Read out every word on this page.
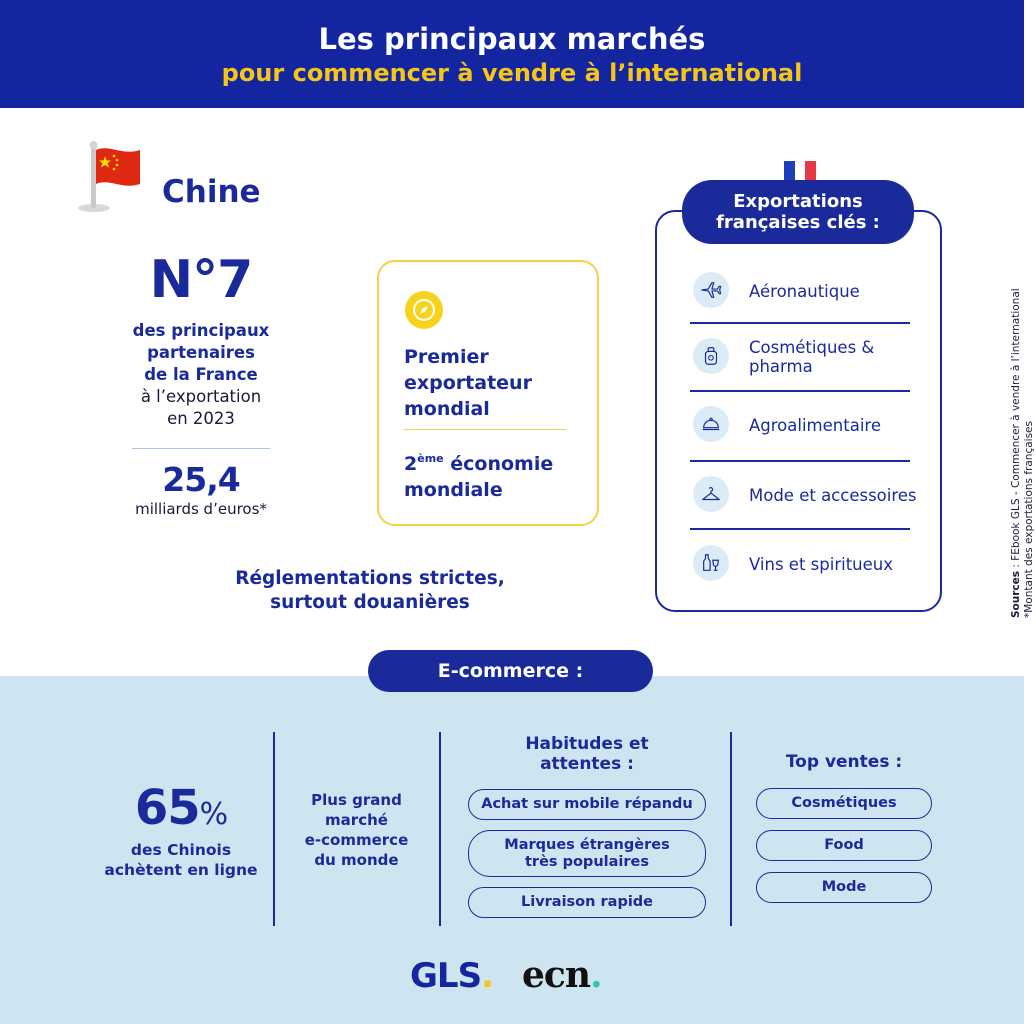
Les principaux marchés
pour commencer à vendre à l’international
Chine
N°7
des principaux
partenaires
de la France
à l’exportation
en 2023
25,4
milliards d’euros*
Réglementations strictes,
surtout douanières
Premier exportateur mondial
2ème économie mondiale
Exportations
françaises clés :
Aéronautique
Cosmétiques & pharma
Agroalimentaire
Mode et accessoires
Vins et spiritueux
Sources : FEbook GLS - Commencer à vendre à l’international *Montant des exportations françaises
E-commerce :
65%
des Chinois
achètent en ligne
Plus grand
marché
e-commerce
du monde
Habitudes et
attentes :
Achat sur mobile répandu
Marques étrangères
très populaires
Livraison rapide
Top ventes :
Cosmétiques
Food
Mode
GLS. ecn.
